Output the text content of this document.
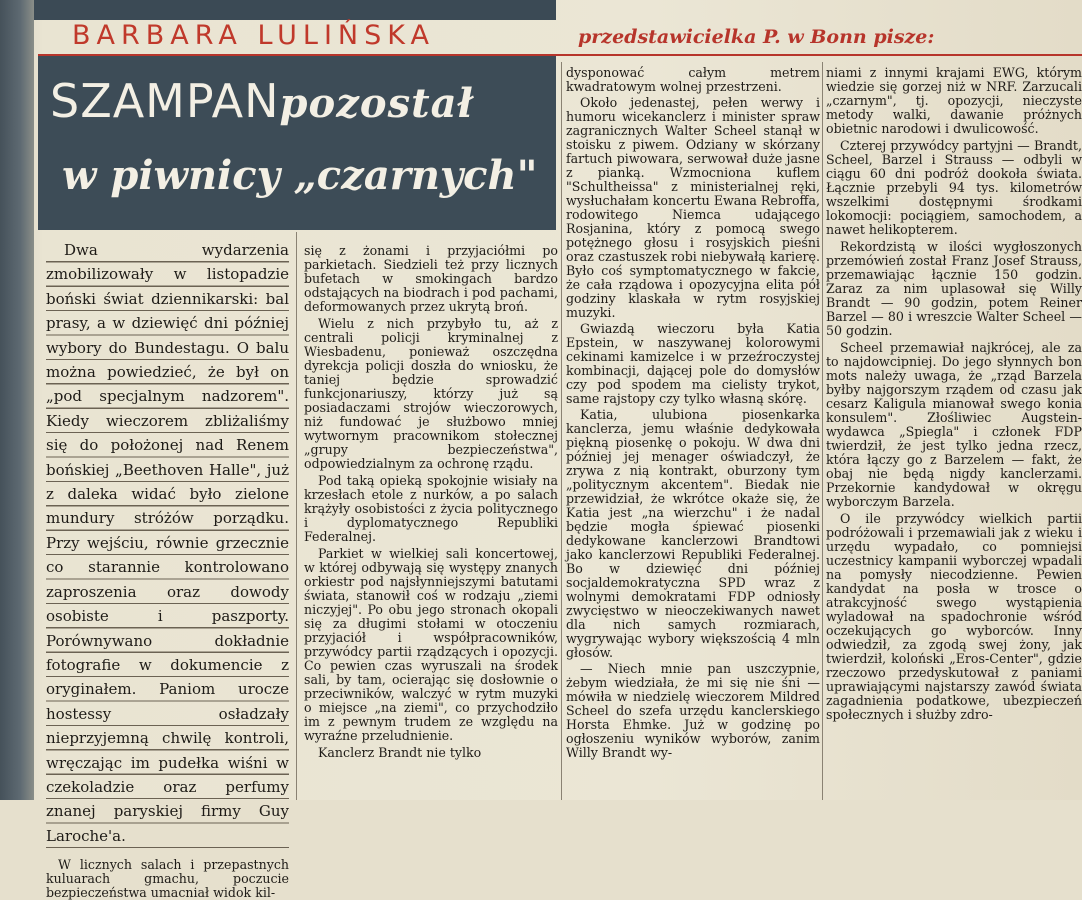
BARBARA LULIŃSKA	przedstawicielka P. w Bonn pisze:
SZAMPANpozostał
w piwnicy „czarnych"

Dwa wydarzenia zmobilizowały w listopadzie boński świat dziennikarski: bal prasy, a w dziewięć dni później wybory do Bundestagu. O balu można powiedzieć, że był on „pod specjalnym nadzorem". Kiedy wieczorem zbliżaliśmy się do położonej nad Renem bońskiej „Beethoven Halle", już z daleka widać było zielone mundury stróżów porządku. Przy wejściu, równie grzecznie co starannie kontrolowano zaproszenia oraz dowody osobiste i paszporty. Porównywano dokładnie fotografie w dokumencie z oryginałem. Paniom urocze hostessy osładzały nieprzyjemną chwilę kontroli, wręczając im pudełka wiśni w czekoladzie oraz perfumy znanej paryskiej firmy Guy Laroche'a.

W licznych salach i przepastnych kuluarach gmachu, poczucie bezpieczeństwa umacniał widok kil-

się z żonami i przyjaciółmi po parkietach. Siedzieli też przy licznych bufetach w smokingach bardzo odstających na biodrach i pod pachami, deformowanych przez ukrytą broń.

Wielu z nich przybyło tu, aż z centrali policji kryminalnej z Wiesbadenu, ponieważ oszczędna dyrekcja policji doszła do wniosku, że taniej będzie sprowadzić funkcjonariuszy, którzy już są posiadaczami strojów wieczorowych, niż fundować je służbowo mniej wytwornym pracownikom stołecznej „grupy bezpieczeństwa", odpowiedzialnym za ochronę rządu.

Pod taką opieką spokojnie wisiały na krzesłach etole z nurków, a po salach krążyły osobistości z życia politycznego i dyplomatycznego Republiki Federalnej.

Parkiet w wielkiej sali koncertowej, w której odbywają się występy znanych orkiestr pod najsłynniejszymi batutami świata, stanowił coś w rodzaju „ziemi niczyjej". Po obu jego stronach okopali się za długimi stołami w otoczeniu przyjaciół i współpracowników, przywódcy partii rządzących i opozycji. Co pewien czas wyruszali na środek sali, by tam, ocierając się dosłownie o przeciwników, walczyć w rytm muzyki o miejsce „na ziemi", co przychodziło im z pewnym trudem ze względu na wyraźne przeludnienie.

Kanclerz Brandt nie tylko

dysponować całym metrem kwadratowym wolnej przestrzeni.

Około jedenastej, pełen werwy i humoru wicekanclerz i minister spraw zagranicznych Walter Scheel stanął w stoisku z piwem. Odziany w skórzany fartuch piwowara, serwował duże jasne z pianką. Wzmocniona kuflem "Schultheissa" z ministerialnej ręki, wysłuchałam koncertu Ewana Rebroffa, rodowitego Niemca udającego Rosjanina, który z pomocą swego potężnego głosu i rosyjskich pieśni oraz czastuszek robi niebywałą karierę. Było coś symptomatycznego w fakcie, że cała rządowa i opozycyjna elita pół godziny klaskała w rytm rosyjskiej muzyki.

Gwiazdą wieczoru była Katia Epstein, w naszywanej kolorowymi cekinami kamizelce i w przeźroczystej kombinacji, dającej pole do domysłów czy pod spodem ma cielisty trykot, same rajstopy czy tylko własną skórę.

Katia, ulubiona piosenkarka kanclerza, jemu właśnie dedykowała piękną piosenkę o pokoju. W dwa dni później jej menager oświadczył, że zrywa z nią kontrakt, oburzony tym „politycznym akcentem". Biedak nie przewidział, że wkrótce okaże się, że Katia jest „na wierzchu" i że nadal będzie mogła śpiewać piosenki dedykowane kanclerzowi Brandtowi jako kanclerzowi Republiki Federalnej. Bo w dziewięć dni później socjaldemokratyczna SPD wraz z wolnymi demokratami FDP odniosły zwycięstwo w nieoczekiwanych nawet dla nich samych rozmiarach, wygrywając wybory większością 4 mln głosów.

— Niech mnie pan uszczypnie, żebym wiedziała, że mi się nie śni — mówiła w niedzielę wieczorem Mildred Scheel do szefa urzędu kanclerskiego Horsta Ehmke. Już w godzinę po ogłoszeniu wyników wyborów, zanim Willy Brandt wy-

niami z innymi krajami EWG, którym wiedzie się gorzej niż w NRF. Zarzucali „czarnym", tj. opozycji, nieczyste metody walki, dawanie próżnych obietnic narodowi i dwulicowość.

Czterej przywódcy partyjni — Brandt, Scheel, Barzel i Strauss — odbyli w ciągu 60 dni podróż dookoła świata. Łącznie przebyli 94 tys. kilometrów wszelkimi dostępnymi środkami lokomocji: pociągiem, samochodem, a nawet helikopterem.

Rekordzistą w ilości wygłoszonych przemówień został Franz Josef Strauss, przemawiając łącznie 150 godzin. Zaraz za nim uplasował się Willy Brandt — 90 godzin, potem Reiner Barzel — 80 i wreszcie Walter Scheel — 50 godzin.

Scheel przemawiał najkrócej, ale za to najdowcipniej. Do jego słynnych bon mots należy uwaga, że „rząd Barzela byłby najgorszym rządem od czasu jak cesarz Kaligula mianował swego konia konsulem". Złośliwiec Augstein-wydawca „Spiegla" i członek FDP twierdził, że jest tylko jedna rzecz, która łączy go z Barzelem — fakt, że obaj nie będą nigdy kanclerzami. Przekornie kandydował w okręgu wyborczym Barzela.

O ile przywódcy wielkich partii podróżowali i przemawiali jak z wieku i urzędu wypadało, co pomniejsi uczestnicy kampanii wyborczej wpadali na pomysły niecodzienne. Pewien kandydat na posła w trosce o atrakcyjność swego wystąpienia wyladował na spadochronie wśród oczekujących go wyborców. Inny odwiedził, za zgodą swej żony, jak twierdził, koloński „Eros-Center", gdzie rzeczowo przedyskutował z paniami uprawiającymi najstarszy zawód świata zagadnienia podatkowe, ubezpieczeń społecznych i służby zdro-
